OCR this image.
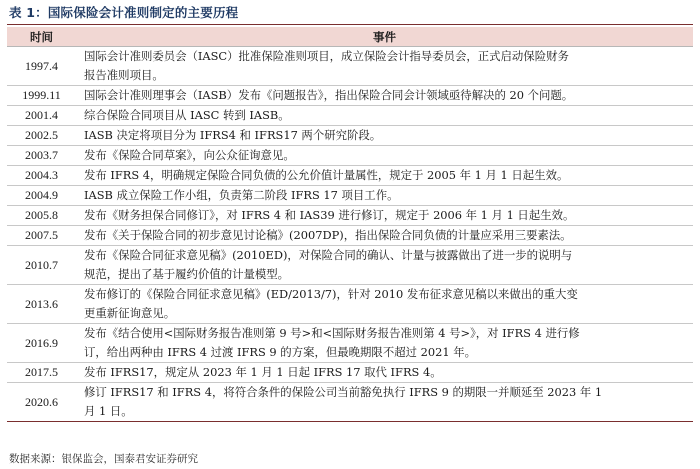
表 1：国际保险会计准则制定的主要历程
时间	事件
1997.4	国际会计准则委员会（IASC）批准保险准则项目，成立保险会计指导委员会，正式启动保险财务
报告准则项目。

1999.11	国际会计准则理事会（IASB）发布《问题报告》，指出保险合同会计领域亟待解决的 20 个问题。

2001.4	综合保险合同项目从 IASC 转到 IASB。

2002.5	IASB 决定将项目分为 IFRS4 和 IFRS17 两个研究阶段。

2003.7	发布《保险合同草案》，向公众征询意见。

2004.3	发布 IFRS 4，明确规定保险合同负债的公允价值计量属性，规定于 2005 年 1 月 1 日起生效。

2004.9	IASB 成立保险工作小组，负责第二阶段 IFRS 17 项目工作。

2005.8	发布《财务担保合同修订》，对 IFRS 4 和 IAS39 进行修订，规定于 2006 年 1 月 1 日起生效。

2007.5	发布《关于保险合同的初步意见讨论稿》(2007DP)，指出保险合同负债的计量应采用三要素法。

2010.7	发布《保险合同征求意见稿》(2010ED)，对保险合同的确认、计量与披露做出了进一步的说明与
规范，提出了基于履约价值的计量模型。

2013.6	发布修订的《保险合同征求意见稿》(ED/2013/7)，针对 2010 发布征求意见稿以来做出的重大变
更重新征询意见。

2016.9	发布《结合使用<国际财务报告准则第 9 号>和<国际财务报告准则第 4 号>》，对 IFRS 4 进行修
订，给出两种由 IFRS 4 过渡 IFRS 9 的方案，但最晚期限不超过 2021 年。

2017.5	发布 IFRS17，规定从 2023 年 1 月 1 日起 IFRS 17 取代 IFRS 4。

2020.6	修订 IFRS17 和 IFRS 4，将符合条件的保险公司当前豁免执行 IFRS 9 的期限一并顺延至 2023 年 1
月 1 日。
数据来源：银保监会，国泰君安证券研究
